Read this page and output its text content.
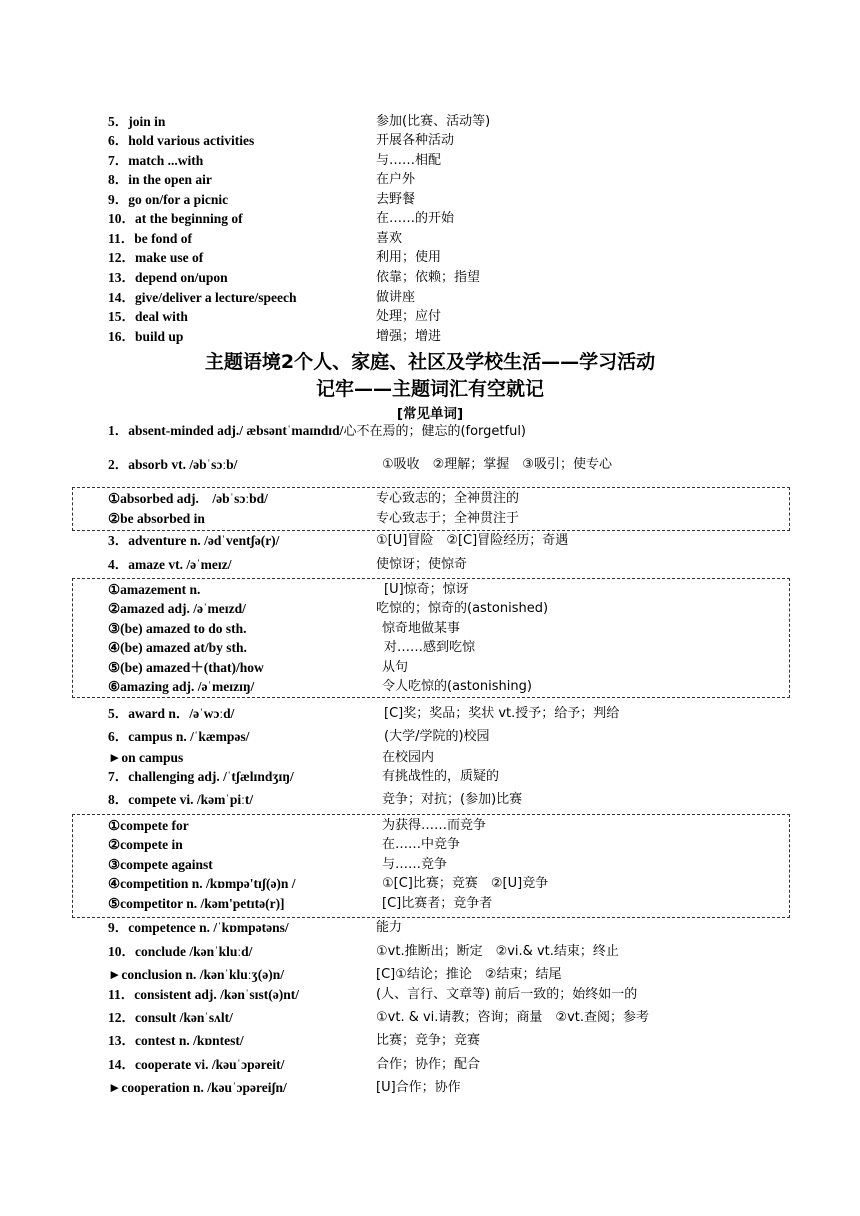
5．join in	参加(比赛、活动等)
6．hold various activities	开展各种活动
7．match ...with	与……相配
8．in the open air	在户外
9．go on/for a picnic	去野餐
10．at the beginning of	在……的开始
11．be fond of	喜欢
12．make use of	利用；使用
13．depend on/upon	依靠；依赖；指望
14．give/deliver a lecture/speech	做讲座
15．deal with	处理；应付
16．build up	增强；增进
主题语境2个人、家庭、社区及学校生活——学习活动
记牢——主题词汇有空就记
[常见单词]
1．absent-minded adj./ æbsəntˈmaɪndɪd/心不在焉的；健忘的(forgetful)
2．absorb vt. /əbˈsɔːb/	①吸收　②理解；掌握　③吸引；使专心
①absorbed adj.　/əbˈsɔːbd/	专心致志的；全神贯注的
②be absorbed in	专心致志于；全神贯注于
3．adventure n. /ədˈventʃə(r)/	①[U]冒险　②[C]冒险经历；奇遇
4．amaze vt. /əˈmeɪz/	使惊讶；使惊奇
①amazement n.	[U]惊奇；惊讶
②amazed adj. /əˈmeɪzd/	吃惊的；惊奇的(astonished)
③(be) amazed to do sth.	惊奇地做某事
④(be) amazed at/by sth.	对……感到吃惊
⑤(be) amazed＋(that)/how	从句
⑥amazing adj. /əˈmeɪzɪŋ/	令人吃惊的(astonishing)
5．award n．/əˈwɔːd/	[C]奖；奖品；奖状 vt.授予；给予；判给
6．campus n. /ˈkæmpəs/	(大学/学院的)校园
►on campus	在校园内
7．challenging adj. /ˈtʃælɪndʒɪŋ/	有挑战性的，质疑的
8．compete vi. /kəmˈpiːt/	竞争；对抗；(参加)比赛
①compete for	为获得……而竞争
②compete in	在……中竞争
③compete against	与……竞争
④competition n. /kɒmpə'tɪʃ(ə)n /	①[C]比赛；竞赛　②[U]竞争
⑤competitor n. /kəm'petɪtə(r)]	[C]比赛者；竞争者
9．competence n. /ˈkɒmpətəns/	能力
10．conclude /kənˈkluːd/	①vt.推断出；断定　②vi.& vt.结束；终止
►conclusion n. /kənˈkluːʒ(ə)n/	[C]①结论；推论　②结束；结尾
11．consistent adj. /kənˈsɪst(ə)nt/	(人、言行、文章等) 前后一致的；始终如一的
12．consult /kənˈsʌlt/	①vt. & vi.请教；咨询；商量　②vt.查阅；参考
13．contest n. /kɒntest/	比赛；竞争；竞赛
14．cooperate vi. /kəuˈɔpəreit/	合作；协作；配合
►cooperation n. /kəuˈɔpəreiʃn/	[U]合作；协作
